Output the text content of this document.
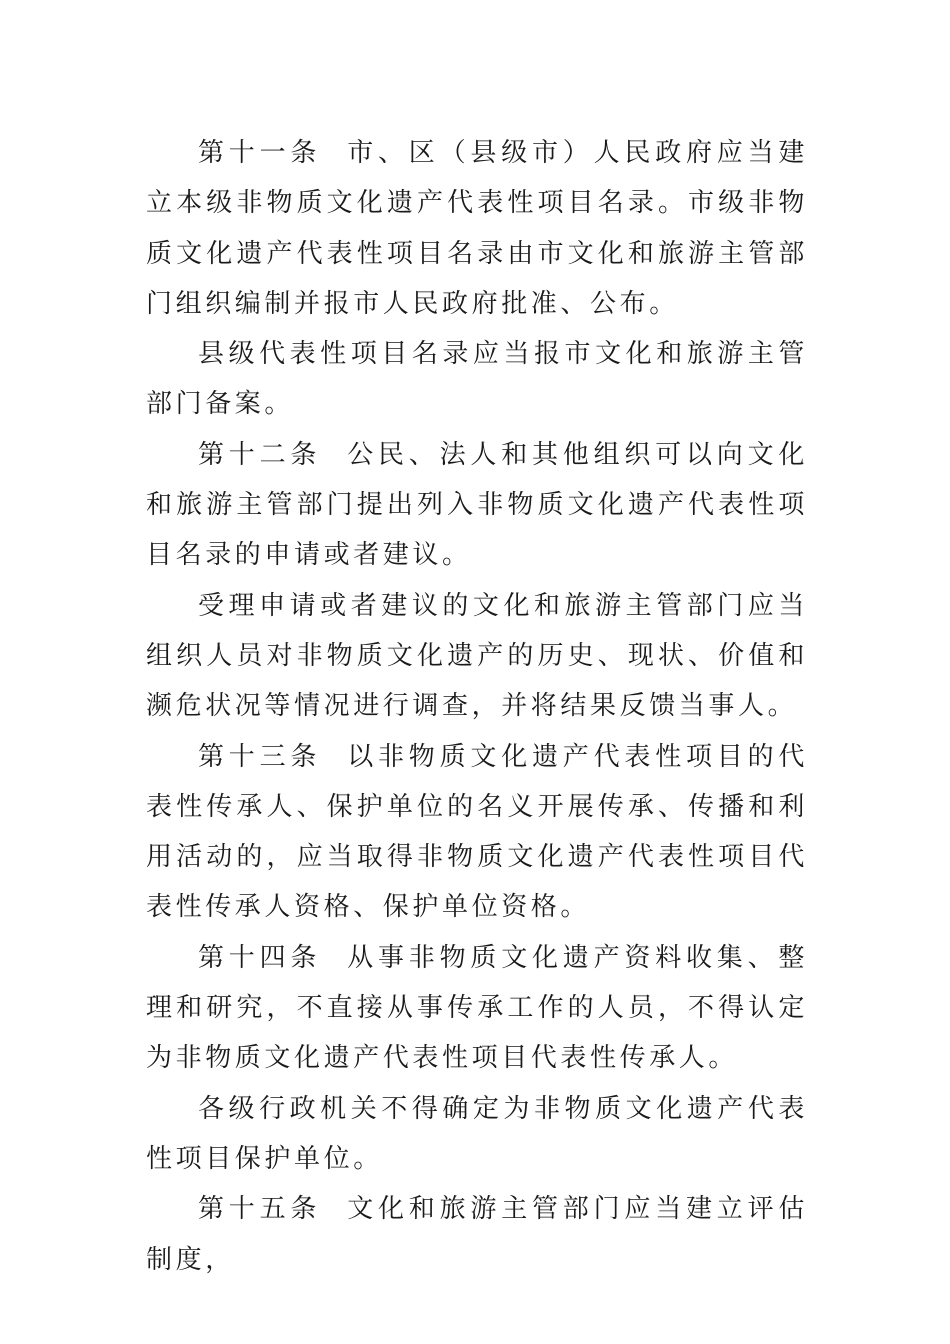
第十一条 市、区（县级市）人民政府应当建立本级非物质文化遗产代表性项目名录。市级非物质文化遗产代表性项目名录由市文化和旅游主管部门组织编制并报市人民政府批准、公布。

县级代表性项目名录应当报市文化和旅游主管部门备案。

第十二条 公民、法人和其他组织可以向文化和旅游主管部门提出列入非物质文化遗产代表性项目名录的申请或者建议。

受理申请或者建议的文化和旅游主管部门应当组织人员对非物质文化遗产的历史、现状、价值和濒危状况等情况进行调查，并将结果反馈当事人。

第十三条 以非物质文化遗产代表性项目的代表性传承人、保护单位的名义开展传承、传播和利用活动的，应当取得非物质文化遗产代表性项目代表性传承人资格、保护单位资格。

第十四条 从事非物质文化遗产资料收集、整理和研究，不直接从事传承工作的人员，不得认定为非物质文化遗产代表性项目代表性传承人。

各级行政机关不得确定为非物质文化遗产代表性项目保护单位。

第十五条 文化和旅游主管部门应当建立评估制度，
